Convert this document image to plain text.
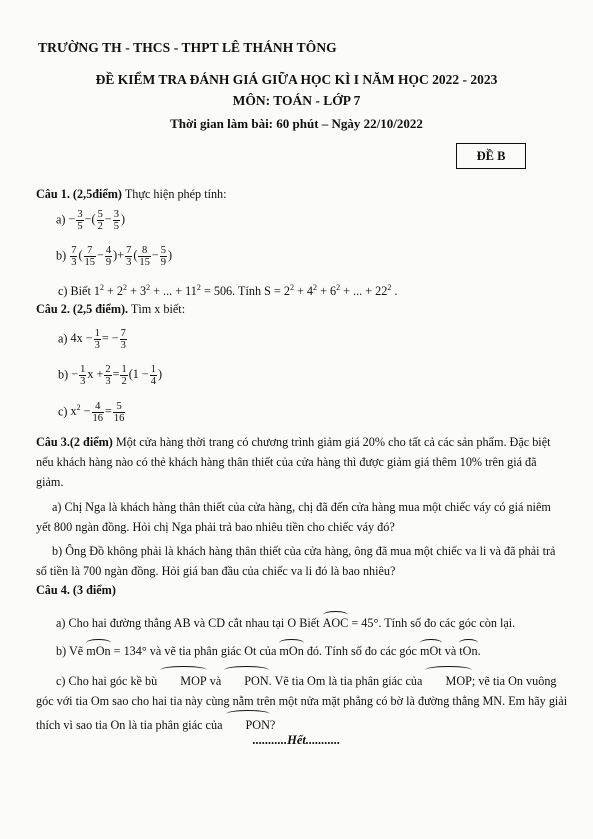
TRƯỜNG TH - THCS - THPT LÊ THÁNH TÔNG
ĐỀ KIỂM TRA ĐÁNH GIÁ GIỮA HỌC KÌ I NĂM HỌC 2022 - 2023
MÔN: TOÁN - LỚP 7
Thời gian làm bài: 60 phút – Ngày 22/10/2022
ĐỀ B
Câu 1. (2,5điểm) Thực hiện phép tính:
$a) - \frac{3}{5}$ −( $\frac{5}{2} - \frac{3}{5}$ )
$b) \frac{7}{3}$ ( $\frac{7}{15} - \frac{4}{9}$ )+ $\frac{7}{3}$ ( $\frac{8}{15} - \frac{5}{9}$ )
c) Biết $1^2 + 2^2 + 3^2$ + ... + $11^2 = 506$. Tính $S = 2^2 + 4^2 + 6^2$ + ... + $22^2$ .
Câu 2. (2,5 điểm). Tìm x biết:
a) $4x - \frac{1}{3}$ = − $\frac{7}{3}$
$b) - \frac{1}{3}$ $x + \frac{2}{3} = \frac{1}{2} (1 - \frac{1}{4}$ )
c) $x^2 - \frac{4}{16} = \frac{5}{16}$
Câu 3.(2 điểm) Một cửa hàng thời trang có chương trình giảm giá 20% cho tất cả các sản phẩm. Đặc biệt nếu khách hàng nào có thẻ khách hàng thân thiết của cửa hàng thì được giảm giá thêm 10% trên giá đã giảm.
a) Chị Nga là khách hàng thân thiết của cửa hàng, chị đã đến cửa hàng mua một chiếc váy có giá niêm yết 800 ngàn đồng. Hỏi chị Nga phải trả bao nhiêu tiền cho chiếc váy đó?
b) Ông Đồ không phải là khách hàng thân thiết của cửa hàng, ông đã mua một chiếc va li và đã phải trả số tiền là 700 ngàn đồng. Hỏi giá ban đầu của chiếc va li đó là bao nhiêu?
Câu 4. (3 điểm)
a) Cho hai đường thẳng AB và CD cắt nhau tại O Biết AOC = 45°. Tính số đo các góc còn lại.
b) Vẽ mOn = 134° và vẽ tia phân giác Ot của mOn đó. Tính số đo các góc mOt và tOn.
c) Cho hai góc kề bù MOP và PON. Vẽ tia Om là tia phân giác của MOP; vẽ tia On vuông góc với tia Om sao cho hai tia này cùng nằm trên một nửa mặt phẳng có bờ là đường thẳng MN. Em hãy giải thích vì sao tia On là tia phân giác của PON?
...........Hết...........
